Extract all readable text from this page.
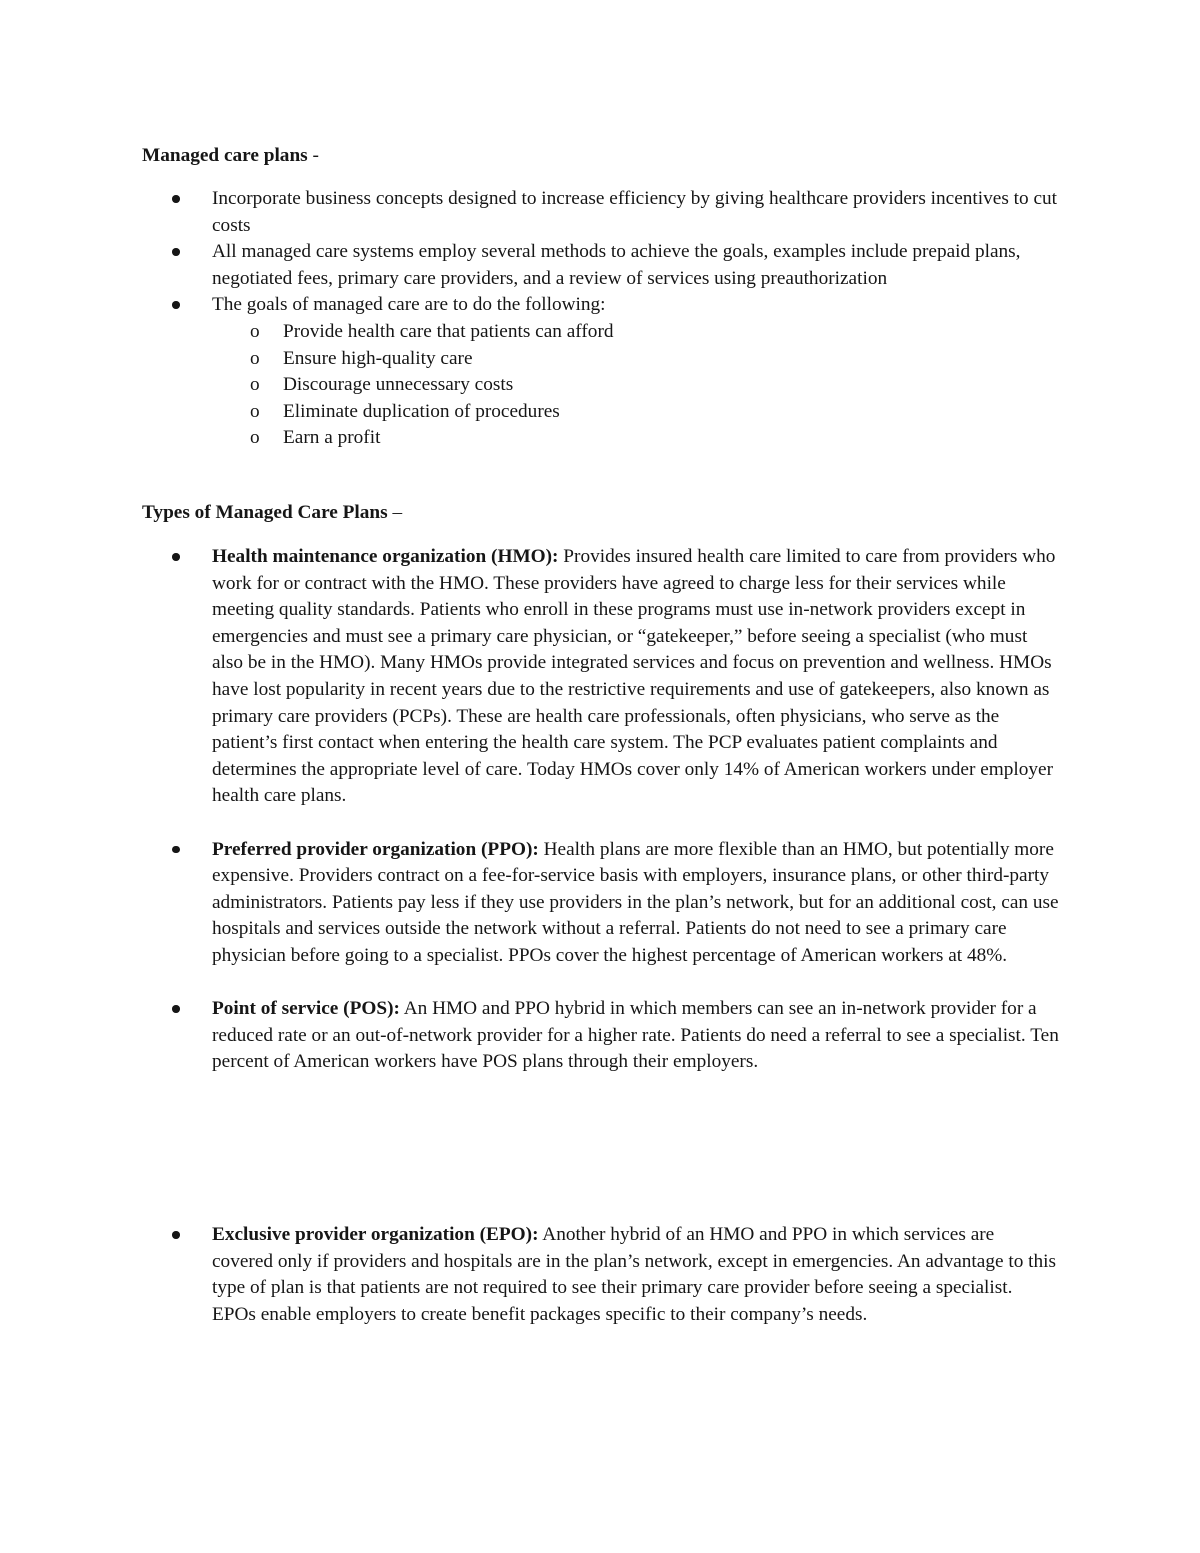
Managed care plans -

Incorporate business concepts designed to increase efficiency by giving healthcare providers incentives to cut costs
All managed care systems employ several methods to achieve the goals, examples include prepaid plans, negotiated fees, primary care providers, and a review of services using preauthorization
The goals of managed care are to do the following:
o Provide health care that patients can afford
o Ensure high-quality care
o Discourage unnecessary costs
o Eliminate duplication of procedures
o Earn a profit

Types of Managed Care Plans –

Health maintenance organization (HMO): Provides insured health care limited to care from providers who work for or contract with the HMO. These providers have agreed to charge less for their services while meeting quality standards. Patients who enroll in these programs must use in-network providers except in emergencies and must see a primary care physician, or “gatekeeper,” before seeing a specialist (who must also be in the HMO). Many HMOs provide integrated services and focus on prevention and wellness. HMOs have lost popularity in recent years due to the restrictive requirements and use of gatekeepers, also known as primary care providers (PCPs). These are health care professionals, often physicians, who serve as the patient’s first contact when entering the health care system. The PCP evaluates patient complaints and determines the appropriate level of care. Today HMOs cover only 14% of American workers under employer health care plans.
Preferred provider organization (PPO): Health plans are more flexible than an HMO, but potentially more expensive. Providers contract on a fee-for-service basis with employers, insurance plans, or other third-party administrators. Patients pay less if they use providers in the plan’s network, but for an additional cost, can use hospitals and services outside the network without a referral. Patients do not need to see a primary care physician before going to a specialist. PPOs cover the highest percentage of American workers at 48%.
Point of service (POS): An HMO and PPO hybrid in which members can see an in-network provider for a reduced rate or an out-of-network provider for a higher rate. Patients do need a referral to see a specialist. Ten percent of American workers have POS plans through their employers.
Exclusive provider organization (EPO): Another hybrid of an HMO and PPO in which services are covered only if providers and hospitals are in the plan’s network, except in emergencies. An advantage to this type of plan is that patients are not required to see their primary care provider before seeing a specialist. EPOs enable employers to create benefit packages specific to their company’s needs.
